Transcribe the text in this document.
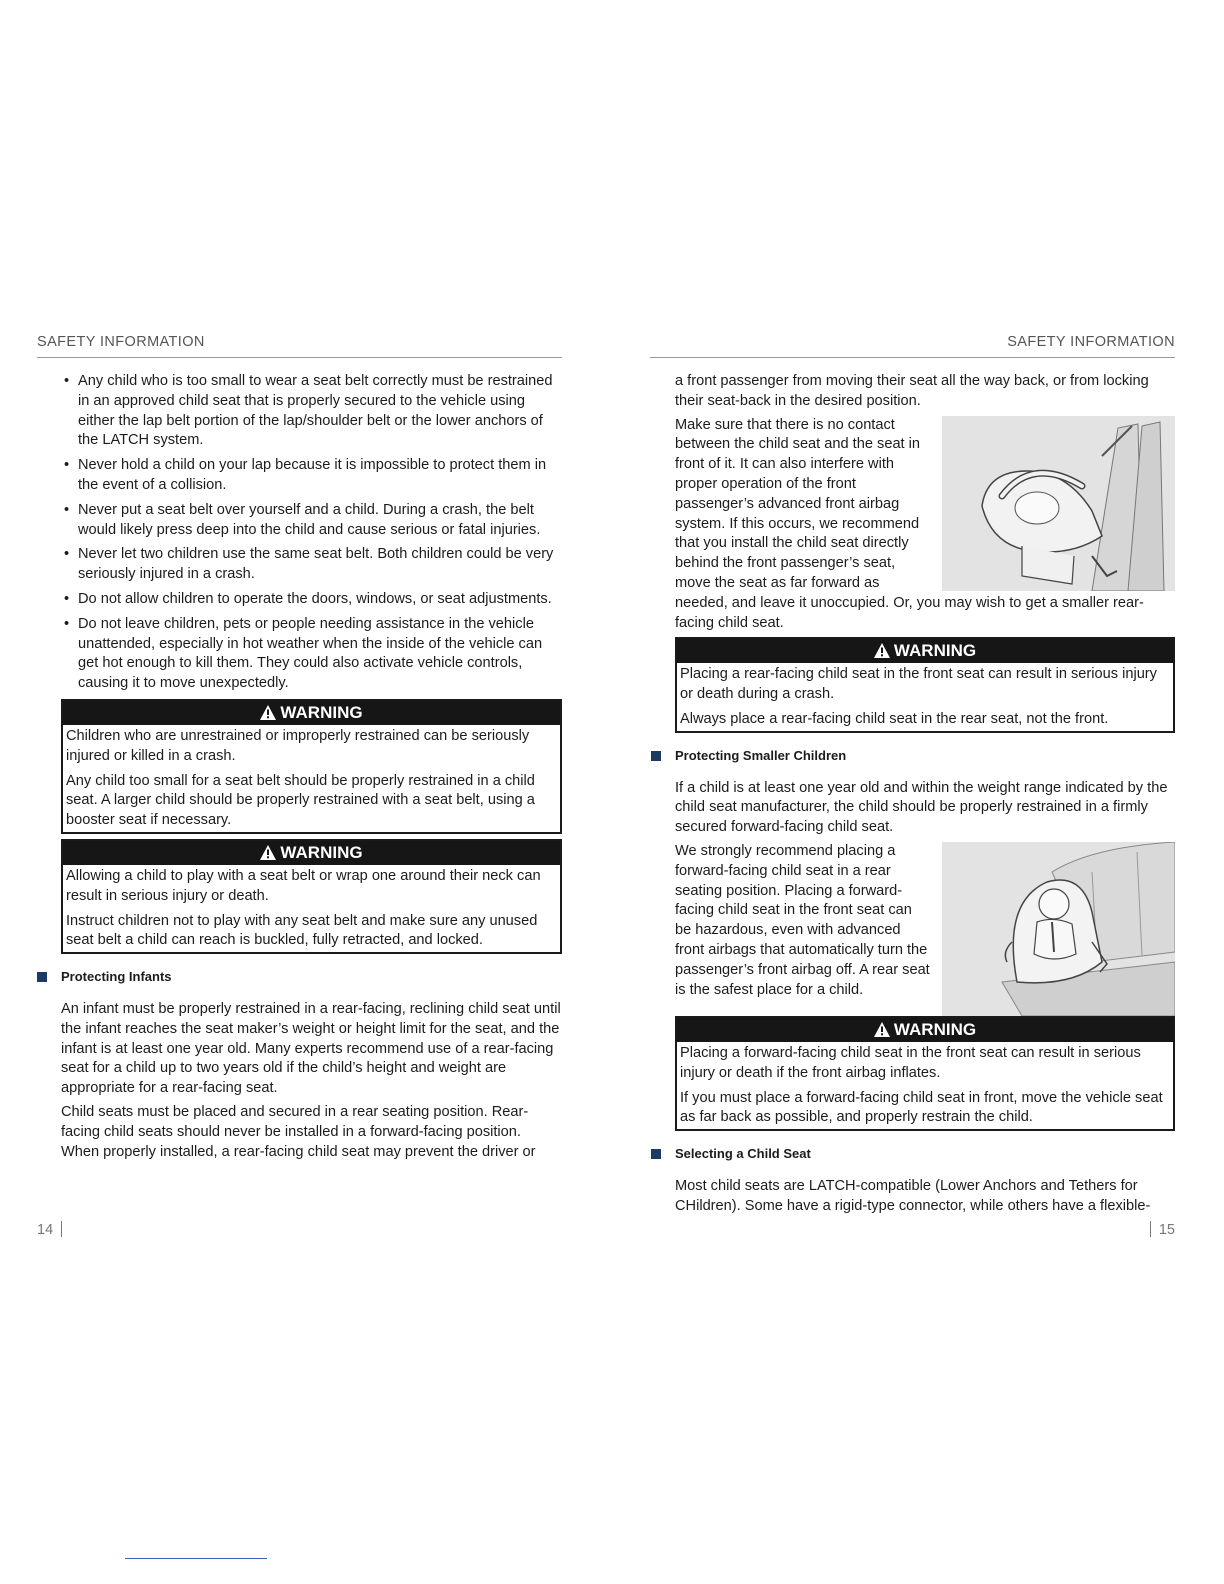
SAFETY INFORMATION
• Any child who is too small to wear a seat belt correctly must be restrained in an approved child seat that is properly secured to the vehicle using either the lap belt portion of the lap/shoulder belt or the lower anchors of the LATCH system.
• Never hold a child on your lap because it is impossible to protect them in the event of a collision.
• Never put a seat belt over yourself and a child. During a crash, the belt would likely press deep into the child and cause serious or fatal injuries.
• Never let two children use the same seat belt. Both children could be very seriously injured in a crash.
• Do not allow children to operate the doors, windows, or seat adjustments.
• Do not leave children, pets or people needing assistance in the vehicle unattended, especially in hot weather when the inside of the vehicle can get hot enough to kill them. They could also activate vehicle controls, causing it to move unexpectedly.
WARNING

Children who are unrestrained or improperly restrained can be seriously injured or killed in a crash.

Any child too small for a seat belt should be properly restrained in a child seat. A larger child should be properly restrained with a seat belt, using a booster seat if necessary.

WARNING

Allowing a child to play with a seat belt or wrap one around their neck can result in serious injury or death.

Instruct children not to play with any seat belt and make sure any unused seat belt a child can reach is buckled, fully retracted, and locked.

Protecting Infants

An infant must be properly restrained in a rear-facing, reclining child seat until the infant reaches the seat maker’s weight or height limit for the seat, and the infant is at least one year old. Many experts recommend use of a rear-facing seat for a child up to two years old if the child’s height and weight are appropriate for a rear-facing seat.

Child seats must be placed and secured in a rear seating position. Rear-facing child seats should never be installed in a forward-facing position. When properly installed, a rear-facing child seat may prevent the driver or

14
SAFETY INFORMATION

a front passenger from moving their seat all the way back, or from locking their seat-back in the desired position.

Make sure that there is no contact between the child seat and the seat in front of it. It can also interfere with proper operation of the front passenger’s advanced front airbag system. If this occurs, we recommend that you install the child seat directly behind the front passenger’s seat, move the seat as far forward as needed, and leave it unoccupied. Or, you may wish to get a smaller rear-facing child seat.

WARNING

Placing a rear-facing child seat in the front seat can result in serious injury or death during a crash.

Always place a rear-facing child seat in the rear seat, not the front.

Protecting Smaller Children

If a child is at least one year old and within the weight range indicated by the child seat manufacturer, the child should be properly restrained in a firmly secured forward-facing child seat.

We strongly recommend placing a forward-facing child seat in a rear seating position. Placing a forward-facing child seat in the front seat can be hazardous, even with advanced front airbags that automatically turn the passenger’s front airbag off. A rear seat is the safest place for a child.

WARNING

Placing a forward-facing child seat in the front seat can result in serious injury or death if the front airbag inflates.

If you must place a forward-facing child seat in front, move the vehicle seat as far back as possible, and properly restrain the child.

Selecting a Child Seat

Most child seats are LATCH-compatible (Lower Anchors and Tethers for CHildren). Some have a rigid-type connector, while others have a flexible-

15
